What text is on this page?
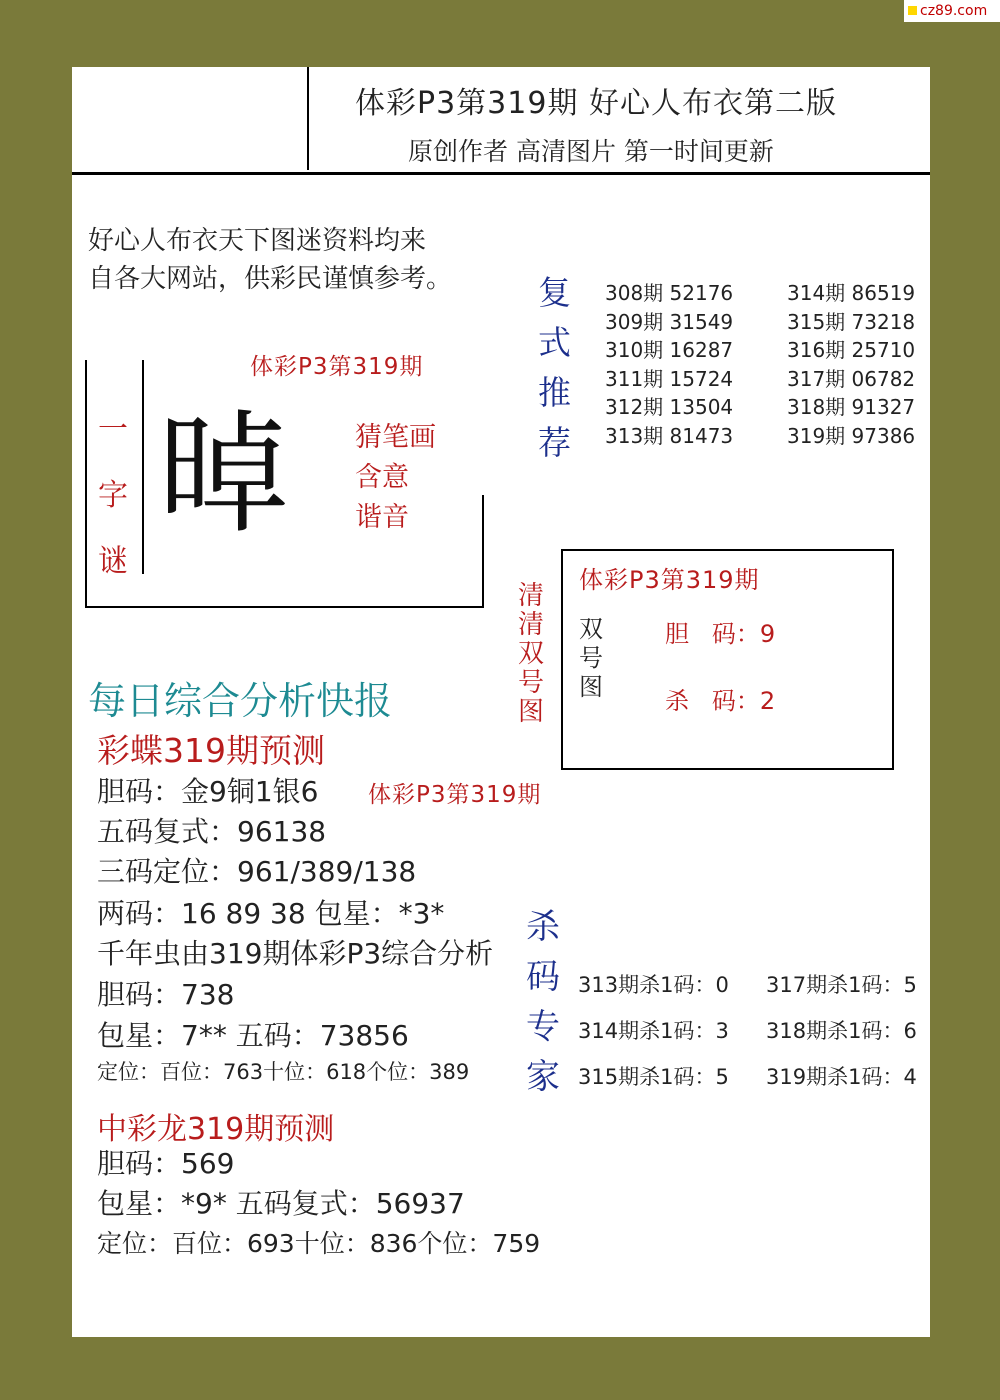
cz89.com
体彩P3第319期 好心人布衣第二版
原创作者 高清图片 第一时间更新
好心人布衣天下图迷资料均来
自各大网站，供彩民谨慎参考。
体彩P3第319期
一
字
谜
晫 猜笔画
含意
谐音
复
式
推
荐
308期 52176
309期 31549
310期 16287
311期 15724
312期 13504
313期 81473
314期 86519
315期 73218
316期 25710
317期 06782
318期 91327
319期 97386
清
清
双
号
图
体彩P3第319期
双
号
图
胆   码：9
杀   码：2
每日综合分析快报
彩蝶319期预测
胆码：金9铜1银6 体彩P3第319期
五码复式：96138
三码定位：961/389/138
两码：16 89 38 包星：*3*
千年虫由319期体彩P3综合分析
胆码：738
包星：7** 五码：73856
定位：百位：763十位：618个位：389
中彩龙319期预测
胆码：569
包星：*9* 五码复式：56937
定位：百位：693十位：836个位：759
杀
码
专
家
313期杀1码：0
314期杀1码：3
315期杀1码：5
317期杀1码：5
318期杀1码：6
319期杀1码：4
